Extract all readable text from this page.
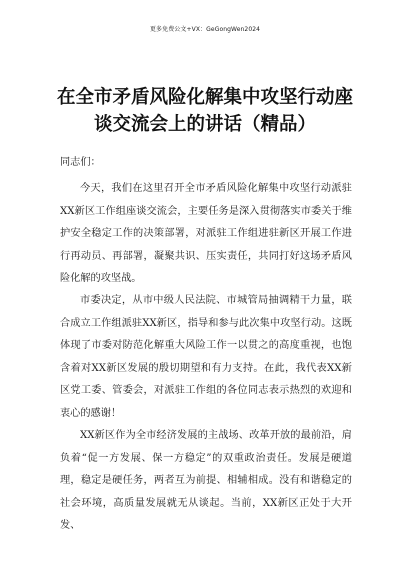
更多免费公文+VX：GeGongWen2024
在全市矛盾风险化解集中攻坚行动座谈交流会上的讲话（精品）

同志们：

今天，我们在这里召开全市矛盾风险化解集中攻坚行动派驻XX新区工作组座谈交流会，主要任务是深入贯彻落实市委关于维护安全稳定工作的决策部署，对派驻工作组进驻新区开展工作进行再动员、再部署，凝聚共识、压实责任，共同打好这场矛盾风险化解的攻坚战。

市委决定，从市中级人民法院、市城管局抽调精干力量，联合成立工作组派驻XX新区，指导和参与此次集中攻坚行动。这既体现了市委对防范化解重大风险工作一以贯之的高度重视，也饱含着对XX新区发展的殷切期望和有力支持。在此，我代表XX新区党工委、管委会，对派驻工作组的各位同志表示热烈的欢迎和衷心的感谢！

XX新区作为全市经济发展的主战场、改革开放的最前沿，肩负着“促一方发展、保一方稳定”的双重政治责任。发展是硬道理，稳定是硬任务，两者互为前提、相辅相成。没有和谐稳定的社会环境，高质量发展就无从谈起。当前，XX新区正处于大开发、
